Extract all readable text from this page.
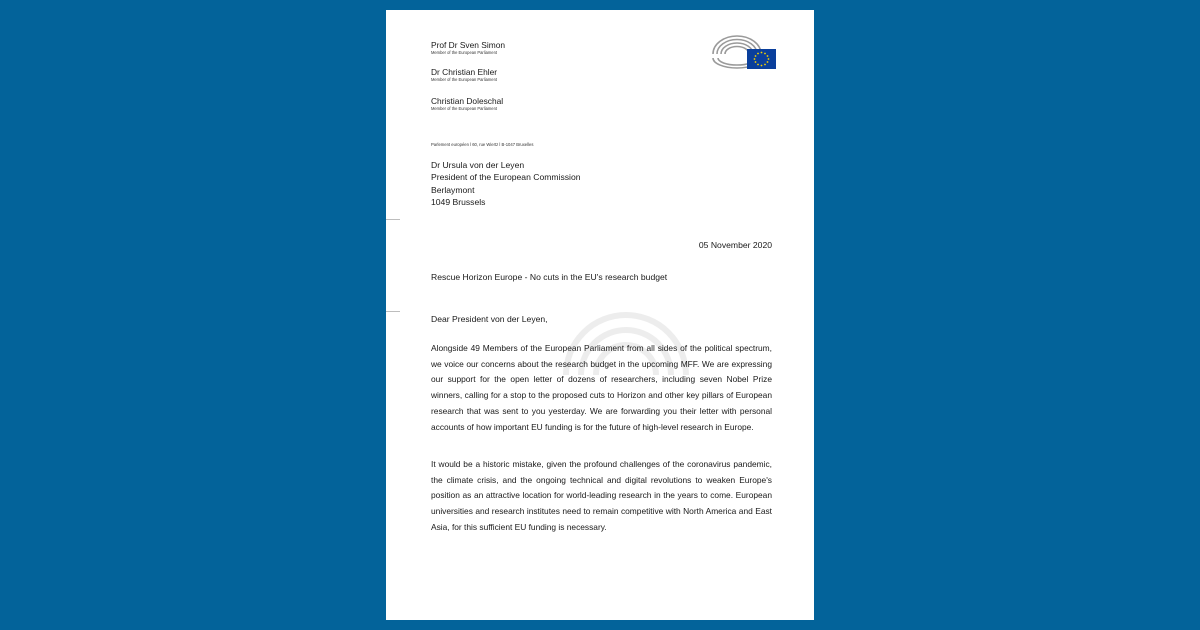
Prof Dr Sven Simon
Member of the European Parliament
Dr Christian Ehler
Member of the European Parliament
Christian Doleschal
Member of the European Parliament
Parlement européen l 60, rue Wiertz l B-1047 Bruxelles
Dr Ursula von der Leyen
President of the European Commission
Berlaymont
1049 Brussels
05 November 2020
Rescue Horizon Europe - No cuts in the EU's research budget
Dear President von der Leyen,

Alongside 49 Members of the European Parliament from all sides of the political spectrum, we voice our concerns about the research budget in the upcoming MFF. We are expressing our support for the open letter of dozens of researchers, including seven Nobel Prize winners, calling for a stop to the proposed cuts to Horizon and other key pillars of European research that was sent to you yesterday. We are forwarding you their letter with personal accounts of how important EU funding is for the future of high-level research in Europe.

It would be a historic mistake, given the profound challenges of the coronavirus pandemic, the climate crisis, and the ongoing technical and digital revolutions to weaken Europe's position as an attractive location for world-leading research in the years to come. European universities and research institutes need to remain competitive with North America and East Asia, for this sufficient EU funding is necessary.
